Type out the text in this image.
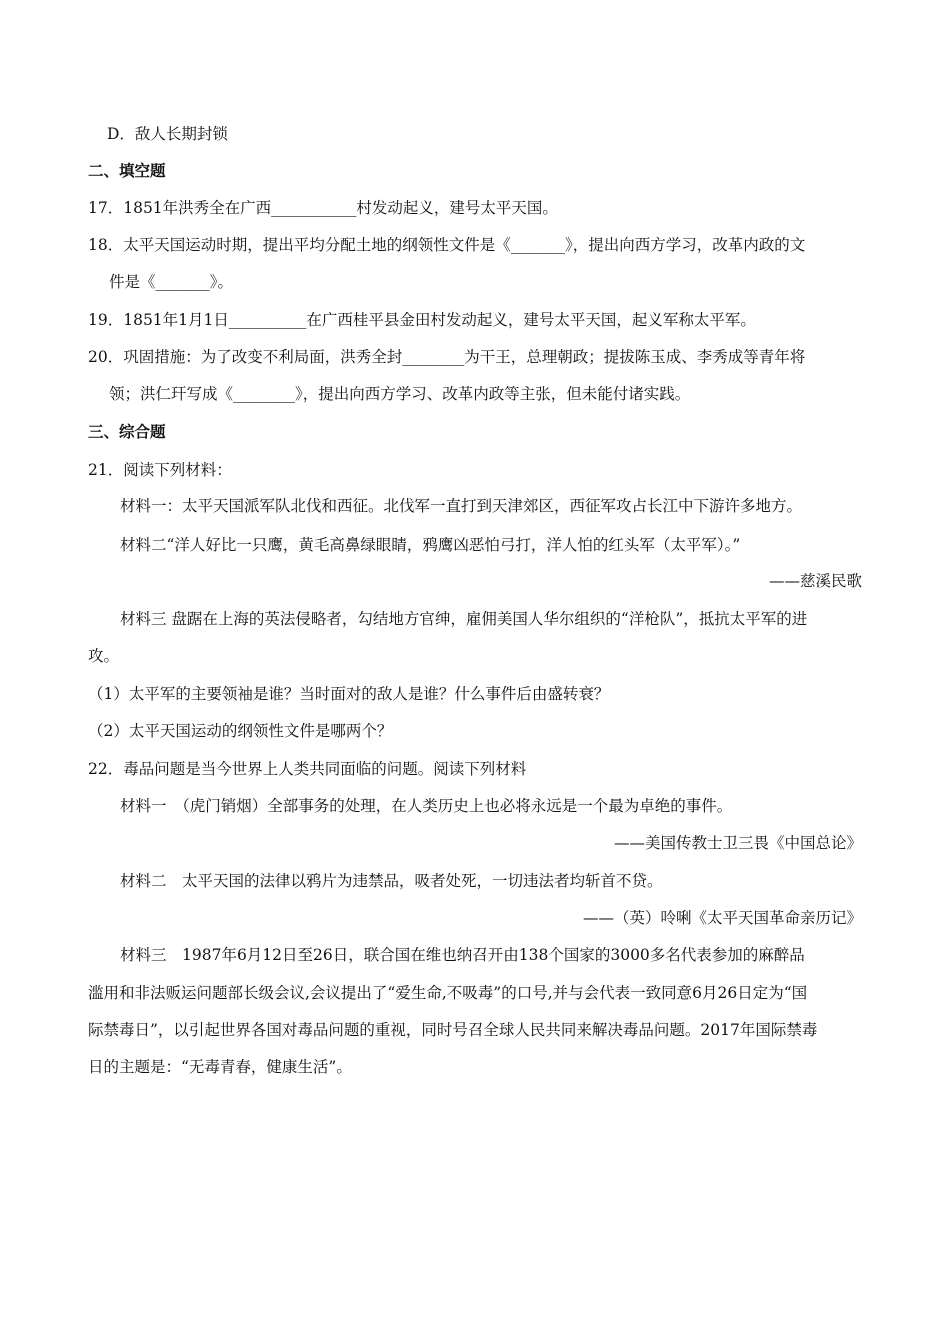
D．敌人长期封锁
二、填空题
17．1851年洪秀全在广西___________村发动起义，建号太平天国。
18．太平天国运动时期，提出平均分配土地的纲领性文件是《_______》，提出向西方学习，改革内政的文
件是《_______》。
19．1851年1月1日__________在广西桂平县金田村发动起义，建号太平天国，起义军称太平军。
20．巩固措施：为了改变不利局面，洪秀全封________为干王，总理朝政；提拔陈玉成、李秀成等青年将
领；洪仁玕写成《________》，提出向西方学习、改革内政等主张，但未能付诸实践。
三、综合题
21．阅读下列材料：
材料一：太平天国派军队北伐和西征。北伐军一直打到天津郊区，西征军攻占长江中下游许多地方。
材料二“洋人好比一只鹰，黄毛高鼻绿眼睛，鸦鹰凶恶怕弓打，洋人怕的红头军（太平军）。”
——慈溪民歌
材料三 盘踞在上海的英法侵略者，勾结地方官绅，雇佣美国人华尔组织的“洋枪队”，抵抗太平军的进
攻。
（1）太平军的主要领袖是谁？当时面对的敌人是谁？什么事件后由盛转衰？
（2）太平天国运动的纲领性文件是哪两个？
22．毒品问题是当今世界上人类共同面临的问题。阅读下列材料
材料一　（虎门销烟）全部事务的处理，在人类历史上也必将永远是一个最为卓绝的事件。
——美国传教士卫三畏《中国总论》
材料二　太平天国的法律以鸦片为违禁品，吸者处死，一切违法者均斩首不贷。
——（英）呤唎《太平天国革命亲历记》
材料三　1987年6月12日至26日，联合国在维也纳召开由138个国家的3000多名代表参加的麻醉品
滥用和非法贩运问题部长级会议,会议提出了“爱生命,不吸毒”的口号,并与会代表一致同意6月26日定为“国
际禁毒日”，以引起世界各国对毒品问题的重视，同时号召全球人民共同来解决毒品问题。2017年国际禁毒
日的主题是：“无毒青春，健康生活”。
